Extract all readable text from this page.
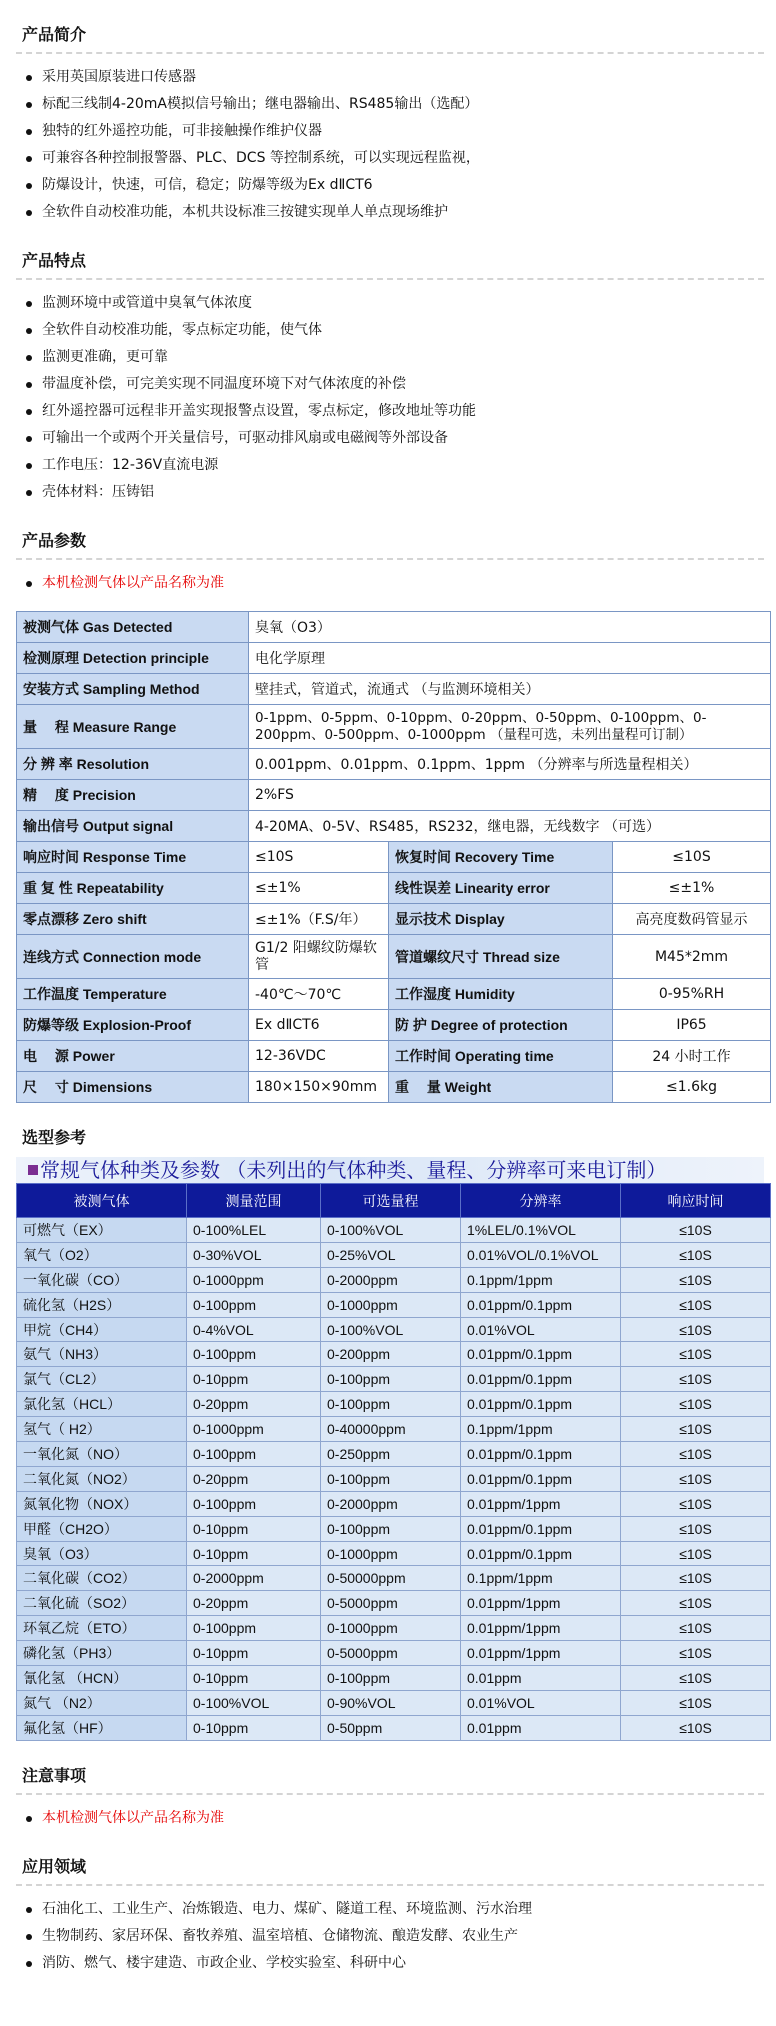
产品简介
采用英国原装进口传感器
标配三线制4-20mA模拟信号输出；继电器输出、RS485输出（选配）
独特的红外遥控功能，可非接触操作维护仪器
可兼容各种控制报警器、PLC、DCS 等控制系统，可以实现远程监视，
防爆设计，快速，可信，稳定；防爆等级为Ex dⅡCT6
全软件自动校准功能，本机共设标准三按键实现单人单点现场维护
产品特点
监测环境中或管道中臭氧气体浓度
全软件自动校准功能，零点标定功能，使气体
监测更准确，更可靠
带温度补偿，可完美实现不同温度环境下对气体浓度的补偿
红外遥控器可远程非开盖实现报警点设置，零点标定，修改地址等功能
可输出一个或两个开关量信号，可驱动排风扇或电磁阀等外部设备
工作电压：12-36V直流电源
壳体材料：压铸铝
产品参数
本机检测气体以产品名称为准
被测气体 Gas Detected	臭氧（O3）		
检测原理 Detection principle	电化学原理		
安装方式 Sampling Method	壁挂式，管道式，流通式 （与监测环境相关）		
量　 程 Measure Range	0-1ppm、0-5ppm、0-10ppm、0-20ppm、0-50ppm、0-100ppm、0-200ppm、0-500ppm、0-1000ppm （量程可选，未列出量程可订制）		
分 辨 率 Resolution	0.001ppm、0.01ppm、0.1ppm、1ppm （分辨率与所选量程相关）		
精　 度 Precision	2%FS		
输出信号 Output signal	4-20MA、0-5V、RS485，RS232，继电器，无线数字 （可选）		
响应时间 Response Time	≤10S	恢复时间 Recovery Time	≤10S
重 复 性 Repeatability	≤±1%	线性误差 Linearity error	≤±1%
零点漂移 Zero shift	≤±1%（F.S/年）	显示技术 Display	高亮度数码管显示
连线方式 Connection mode	G1/2 阳螺纹防爆软管	管道螺纹尺寸 Thread size	M45*2mm
工作温度 Temperature	-40℃～70℃	工作湿度 Humidity	0-95%RH
防爆等级 Explosion-Proof	Ex dⅡCT6	防 护 Degree of protection	IP65
电　 源 Power	12-36VDC	工作时间 Operating time	24 小时工作
尺　 寸 Dimensions	180×150×90mm	重　 量 Weight	≤1.6kg
选型参考
常规气体种类及参数 （未列出的气体种类、量程、分辨率可来电订制）
被测气体	测量范围	可选量程	分辨率	响应时间
可燃气（EX）	0-100%LEL	0-100%VOL	1%LEL/0.1%VOL	≤10S
氧气（O2）	0-30%VOL	0-25%VOL	0.01%VOL/0.1%VOL	≤10S
一氧化碳（CO）	0-1000ppm	0-2000ppm	0.1ppm/1ppm	≤10S
硫化氢（H2S）	0-100ppm	0-1000ppm	0.01ppm/0.1ppm	≤10S
甲烷（CH4）	0-4%VOL	0-100%VOL	0.01%VOL	≤10S
氨气（NH3）	0-100ppm	0-200ppm	0.01ppm/0.1ppm	≤10S
氯气（CL2）	0-10ppm	0-100ppm	0.01ppm/0.1ppm	≤10S
氯化氢（HCL）	0-20ppm	0-100ppm	0.01ppm/0.1ppm	≤10S
氢气（ H2）	0-1000ppm	0-40000ppm	0.1ppm/1ppm	≤10S
一氧化氮（NO）	0-100ppm	0-250ppm	0.01ppm/0.1ppm	≤10S
二氧化氮（NO2）	0-20ppm	0-100ppm	0.01ppm/0.1ppm	≤10S
氮氧化物（NOX）	0-100ppm	0-2000ppm	0.01ppm/1ppm	≤10S
甲醛（CH2O）	0-10ppm	0-100ppm	0.01ppm/0.1ppm	≤10S
臭氧（O3）	0-10ppm	0-1000ppm	0.01ppm/0.1ppm	≤10S
二氧化碳（CO2）	0-2000ppm	0-50000ppm	0.1ppm/1ppm	≤10S
二氧化硫（SO2）	0-20ppm	0-5000ppm	0.01ppm/1ppm	≤10S
环氧乙烷（ETO）	0-100ppm	0-1000ppm	0.01ppm/1ppm	≤10S
磷化氢（PH3）	0-10ppm	0-5000ppm	0.01ppm/1ppm	≤10S
氰化氢 （HCN）	0-10ppm	0-100ppm	0.01ppm	≤10S
氮气 （N2）	0-100%VOL	0-90%VOL	0.01%VOL	≤10S
氟化氢（HF）	0-10ppm	0-50ppm	0.01ppm	≤10S
注意事项
本机检测气体以产品名称为准
应用领域
石油化工、工业生产、冶炼锻造、电力、煤矿、隧道工程、环境监测、污水治理
生物制药、家居环保、畜牧养殖、温室培植、仓储物流、酿造发酵、农业生产
消防、燃气、楼宇建造、市政企业、学校实验室、科研中心
